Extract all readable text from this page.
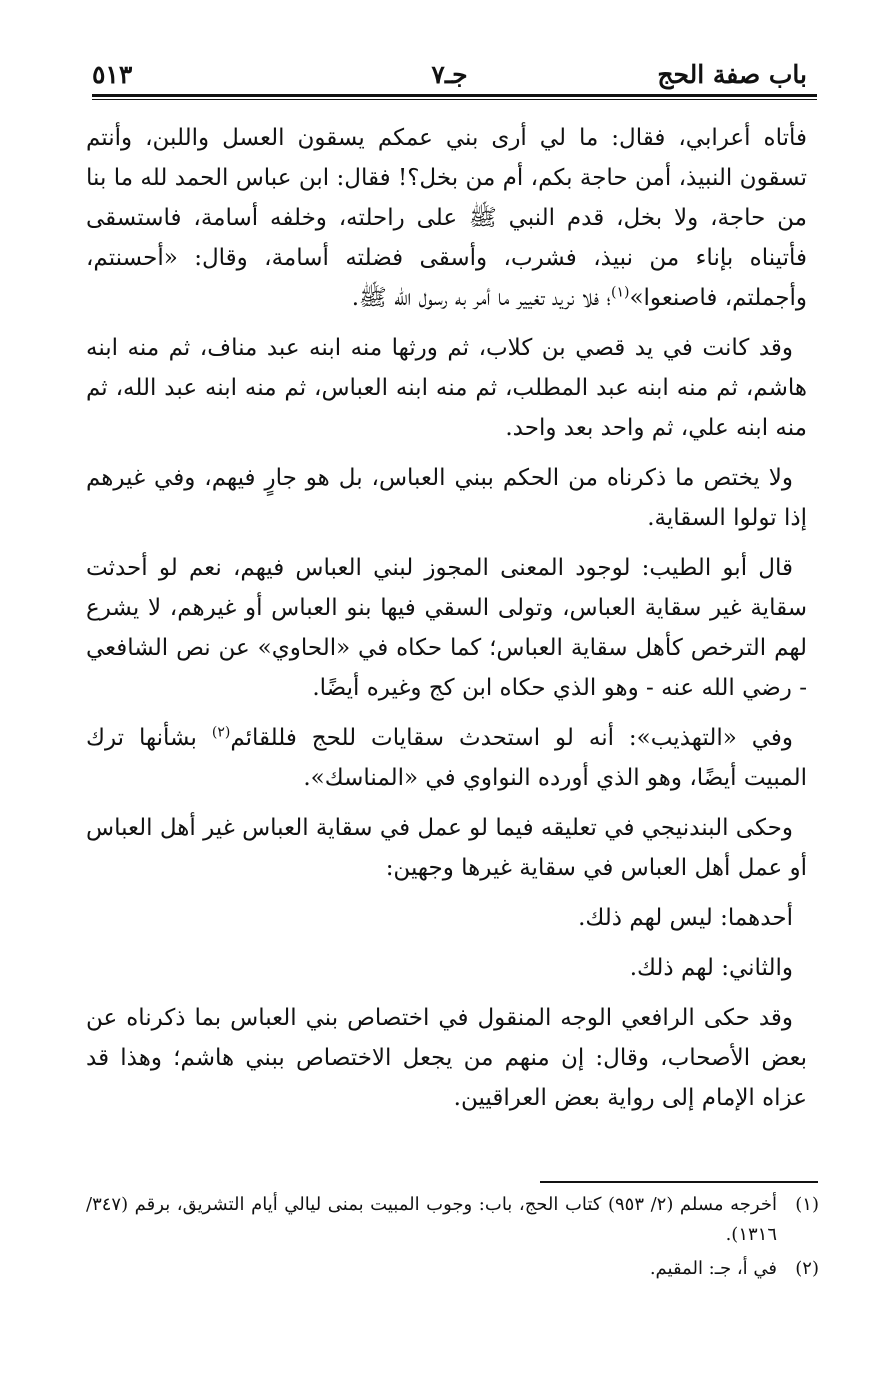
باب صفة الحج
جـ٧
٥١٣

فأتاه أعرابي، فقال: ما لي أرى بني عمكم يسقون العسل واللبن، وأنتم تسقون النبيذ، أمن حاجة بكم، أم من بخل؟! فقال: ابن عباس الحمد لله ما بنا من حاجة، ولا بخل، قدم النبي ﷺ على راحلته، وخلفه أسامة، فاستسقى فأتيناه بإناء من نبيذ، فشرب، وأسقى فضلته أسامة، وقال: «أحسنتم، وأجملتم، فاصنعوا»$^{(١)}$؛ فلا نريد تغيير ما أمر به رسول الله ﷺ.

وقد كانت في يد قصي بن كلاب، ثم ورثها منه ابنه عبد مناف، ثم منه ابنه هاشم، ثم منه ابنه عبد المطلب، ثم منه ابنه العباس، ثم منه ابنه عبد الله، ثم منه ابنه علي، ثم واحد بعد واحد.

ولا يختص ما ذكرناه من الحكم ببني العباس، بل هو جارٍ فيهم، وفي غيرهم إذا تولوا السقاية.

قال أبو الطيب: لوجود المعنى المجوز لبني العباس فيهم، نعم لو أحدثت سقاية غير سقاية العباس، وتولى السقي فيها بنو العباس أو غيرهم، لا يشرع لهم الترخص كأهل سقاية العباس؛ كما حكاه في «الحاوي» عن نص الشافعي - رضي الله عنه - وهو الذي حكاه ابن كج وغيره أيضًا.

وفي «التهذيب»: أنه لو استحدث سقايات للحج فللقائم$^{(٢)}$ بشأنها ترك المبيت أيضًا، وهو الذي أورده النواوي في «المناسك».

وحكى البندنيجي في تعليقه فيما لو عمل في سقاية العباس غير أهل العباس أو عمل أهل العباس في سقاية غيرها وجهين:

أحدهما: ليس لهم ذلك.

والثاني: لهم ذلك.

وقد حكى الرافعي الوجه المنقول في اختصاص بني العباس بما ذكرناه عن بعض الأصحاب، وقال: إن منهم من يجعل الاختصاص ببني هاشم؛ وهذا قد عزاه الإمام إلى رواية بعض العراقيين.

(١)
أخرجه مسلم (٢/ ٩٥٣) كتاب الحج، باب: وجوب المبيت بمنى ليالي أيام التشريق، برقم (٣٤٧/ ١٣١٦).
(٢)
في أ، جـ: المقيم.
